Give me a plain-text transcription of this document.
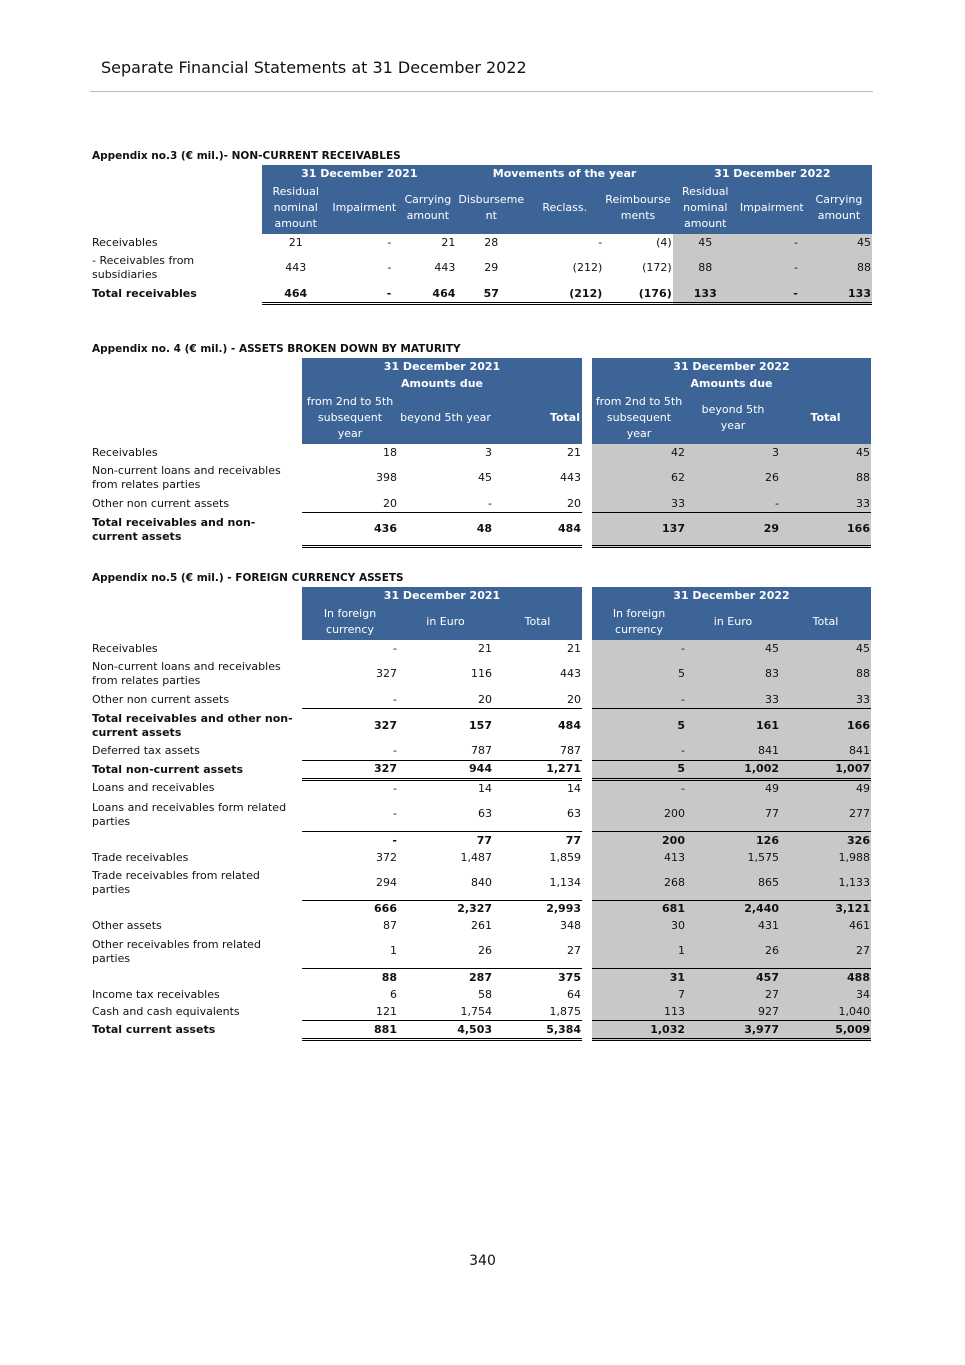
Separate Financial Statements at 31 December 2022
Appendix no.3 (€ mil.)- NON-CURRENT RECEIVABLES
	31 December 2021			Movements of the year			31 December 2022		
	Residual nominal amount	Impairment	Carrying amount	Disburseme nt	Reclass.	Reimbourse ments	Residual nominal amount	Impairment	Carrying amount
Receivables	21	-	21	28	-	(4)	45	-	45
- Receivables from subsidiaries	443	-	443	29	(212)	(172)	88	-	88
Total receivables	464	-	464	57	(212)	(176)	133	-	133
Appendix no. 4 (€ mil.) - ASSETS BROKEN DOWN BY MATURITY
	31 December 2021				31 December 2022		
	Amounts due				Amounts due		
	from 2nd to 5th subsequent year	beyond 5th year	Total		from 2nd to 5th subsequent year	beyond 5th year	Total
Receivables	18	3	21		42	3	45
Non-current loans and receivables from relates parties	398	45	443		62	26	88
Other non current assets	20	-	20		33	-	33
Total receivables and non-current assets	436	48	484		137	29	166
Appendix no.5 (€ mil.) - FOREIGN CURRENCY ASSETS
	31 December 2021				31 December 2022		
	In foreign currency	in Euro	Total		In foreign currency	in Euro	Total
Receivables	-	21	21		-	45	45
Non-current loans and receivables from relates parties	327	116	443		5	83	88
Other non current assets	-	20	20		-	33	33
Total receivables and other non-current assets	327	157	484		5	161	166
Deferred tax assets	-	787	787		-	841	841
Total non-current assets	327	944	1,271		5	1,002	1,007
Loans and receivables	-	14	14		-	49	49
Loans and receivables form related parties	-	63	63		200	77	277
	-	77	77		200	126	326
Trade receivables	372	1,487	1,859		413	1,575	1,988
Trade receivables from related parties	294	840	1,134		268	865	1,133
	666	2,327	2,993		681	2,440	3,121
Other assets	87	261	348		30	431	461
Other receivables from related parties	1	26	27		1	26	27
	88	287	375		31	457	488
Income tax receivables	6	58	64		7	27	34
Cash and cash equivalents	121	1,754	1,875		113	927	1,040
Total current assets	881	4,503	5,384		1,032	3,977	5,009
340
